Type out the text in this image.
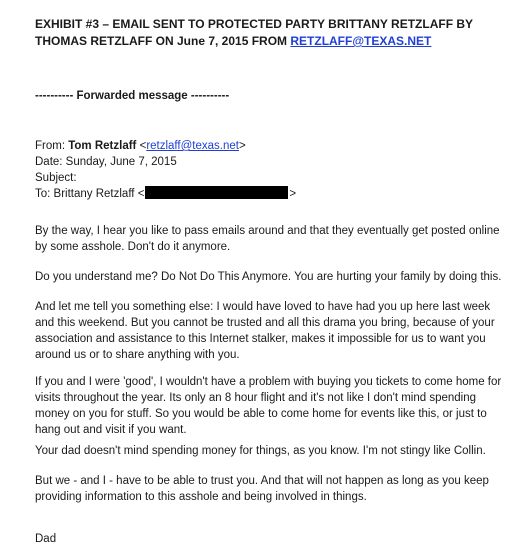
EXHIBIT #3 – EMAIL SENT TO PROTECTED PARTY BRITTANY RETZLAFF BY THOMAS RETZLAFF ON June 7, 2015 FROM RETZLAFF@TEXAS.NET
---------- Forwarded message ----------
From: Tom Retzlaff <retzlaff@texas.net>
Date: Sunday, June 7, 2015
Subject:
To: Brittany Retzlaff <	>

By the way, I hear you like to pass emails around and that they eventually get posted online by some asshole. Don't do it anymore.

Do you understand me? Do Not Do This Anymore. You are hurting your family by doing this.

And let me tell you something else: I would have loved to have had you up here last week and this weekend. But you cannot be trusted and all this drama you bring, because of your association and assistance to this Internet stalker, makes it impossible for us to want you around us or to share anything with you.

If you and I were 'good', I wouldn't have a problem with buying you tickets to come home for visits throughout the year. Its only an 8 hour flight and it's not like I don't mind spending money on you for stuff. So you would be able to come home for events like this, or just to hang out and visit if you want.

Your dad doesn't mind spending money for things, as you know. I'm not stingy like Collin.

But we - and I - have to be able to trust you. And that will not happen as long as you keep providing information to this asshole and being involved in things.

Dad
